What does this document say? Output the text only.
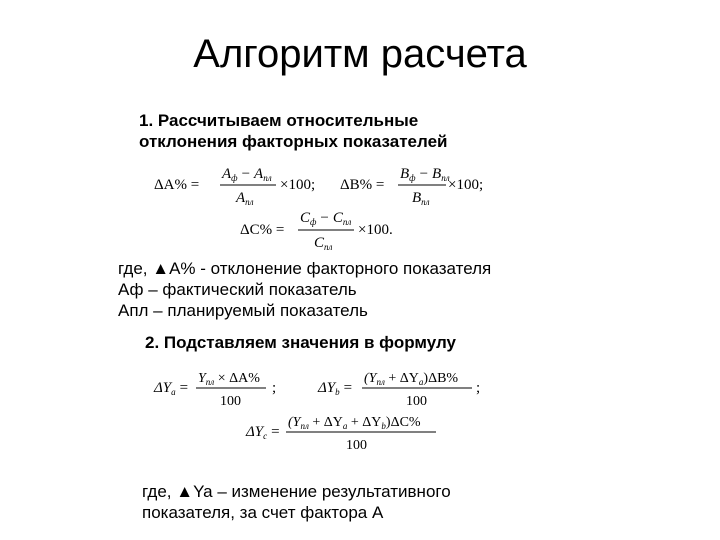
Алгоритм расчета
1. Рассчитываем относительные
отклонения факторных показателей
ΔA% =
$A_ф - A_{пл}$
$A_{пл}$
×100; ΔB% =
$B_ф - B_{пл}$
$B_{пл}$
×100;
ΔC% =
$C_ф - C_{пл}$
$C_{пл}$
×100.
где, ▲А% - отклонение факторного показателя
Аф – фактический показатель
Апл – планируемый показатель
2. Подставляем значения в формулу
$\Delta Y_a$ =
$Y_{пл} \times \Delta A\%$
100
;	$\Delta Y_b$ =
$(Y_{пл} + \Delta Y_a)\Delta B\%$
100
;
$\Delta Y_c$ =
$(Y_{пл} + \Delta Y_a + \Delta Y_b)\Delta C\%$
100
где, ▲Ya – изменение результативного
показателя, за счет фактора А
